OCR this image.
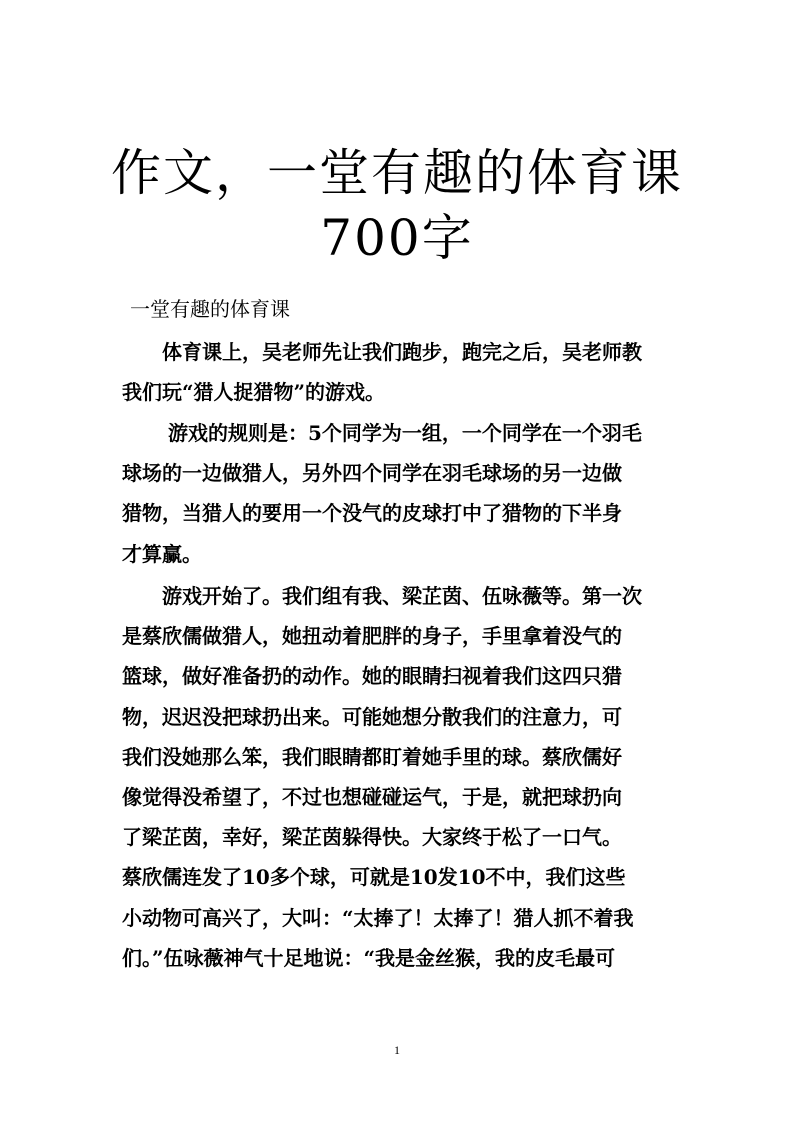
作文，一堂有趣的体育课
700字

一堂有趣的体育课

体育课上，吴老师先让我们跑步，跑完之后，吴老师教
我们玩“猎人捉猎物”的游戏。

游戏的规则是：5个同学为一组，一个同学在一个羽毛
球场的一边做猎人，另外四个同学在羽毛球场的另一边做
猎物，当猎人的要用一个没气的皮球打中了猎物的下半身
才算赢。

游戏开始了。我们组有我、梁芷茵、伍咏薇等。第一次
是蔡欣儒做猎人，她扭动着肥胖的身子，手里拿着没气的
篮球，做好准备扔的动作。她的眼睛扫视着我们这四只猎
物，迟迟没把球扔出来。可能她想分散我们的注意力，可
我们没她那么笨，我们眼睛都盯着她手里的球。蔡欣儒好
像觉得没希望了，不过也想碰碰运气，于是，就把球扔向
了梁芷茵，幸好，梁芷茵躲得快。大家终于松了一口气。
蔡欣儒连发了10多个球，可就是10发10不中，我们这些
小动物可高兴了，大叫：“太捧了！太捧了！猎人抓不着我
们。”伍咏薇神气十足地说：“我是金丝猴，我的皮毛最可

1
